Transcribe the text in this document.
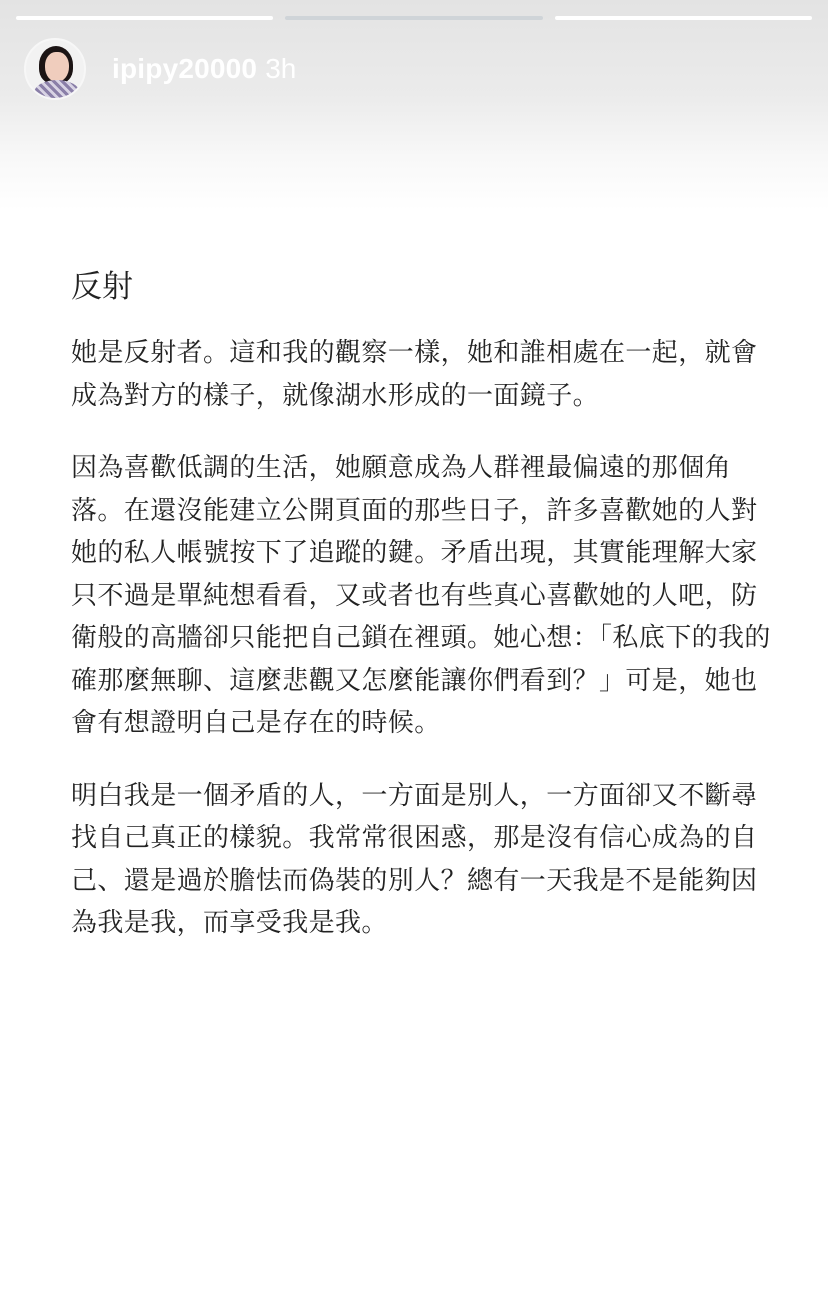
ipipy20000 3h
反射

她是反射者。這和我的觀察一樣，她和誰相處在一起，就會成為對方的樣子，就像湖水形成的一面鏡子。

因為喜歡低調的生活，她願意成為人群裡最偏遠的那個角落。在還沒能建立公開頁面的那些日子，許多喜歡她的人對她的私人帳號按下了追蹤的鍵。矛盾出現，其實能理解大家只不過是單純想看看，又或者也有些真心喜歡她的人吧，防衛般的高牆卻只能把自己鎖在裡頭。她心想：「私底下的我的確那麼無聊、這麼悲觀又怎麼能讓你們看到？」可是，她也會有想證明自己是存在的時候。

明白我是一個矛盾的人，一方面是別人，一方面卻又不斷尋找自己真正的樣貌。我常常很困惑，那是沒有信心成為的自己、還是過於膽怯而偽裝的別人？總有一天我是不是能夠因為我是我，而享受我是我。
